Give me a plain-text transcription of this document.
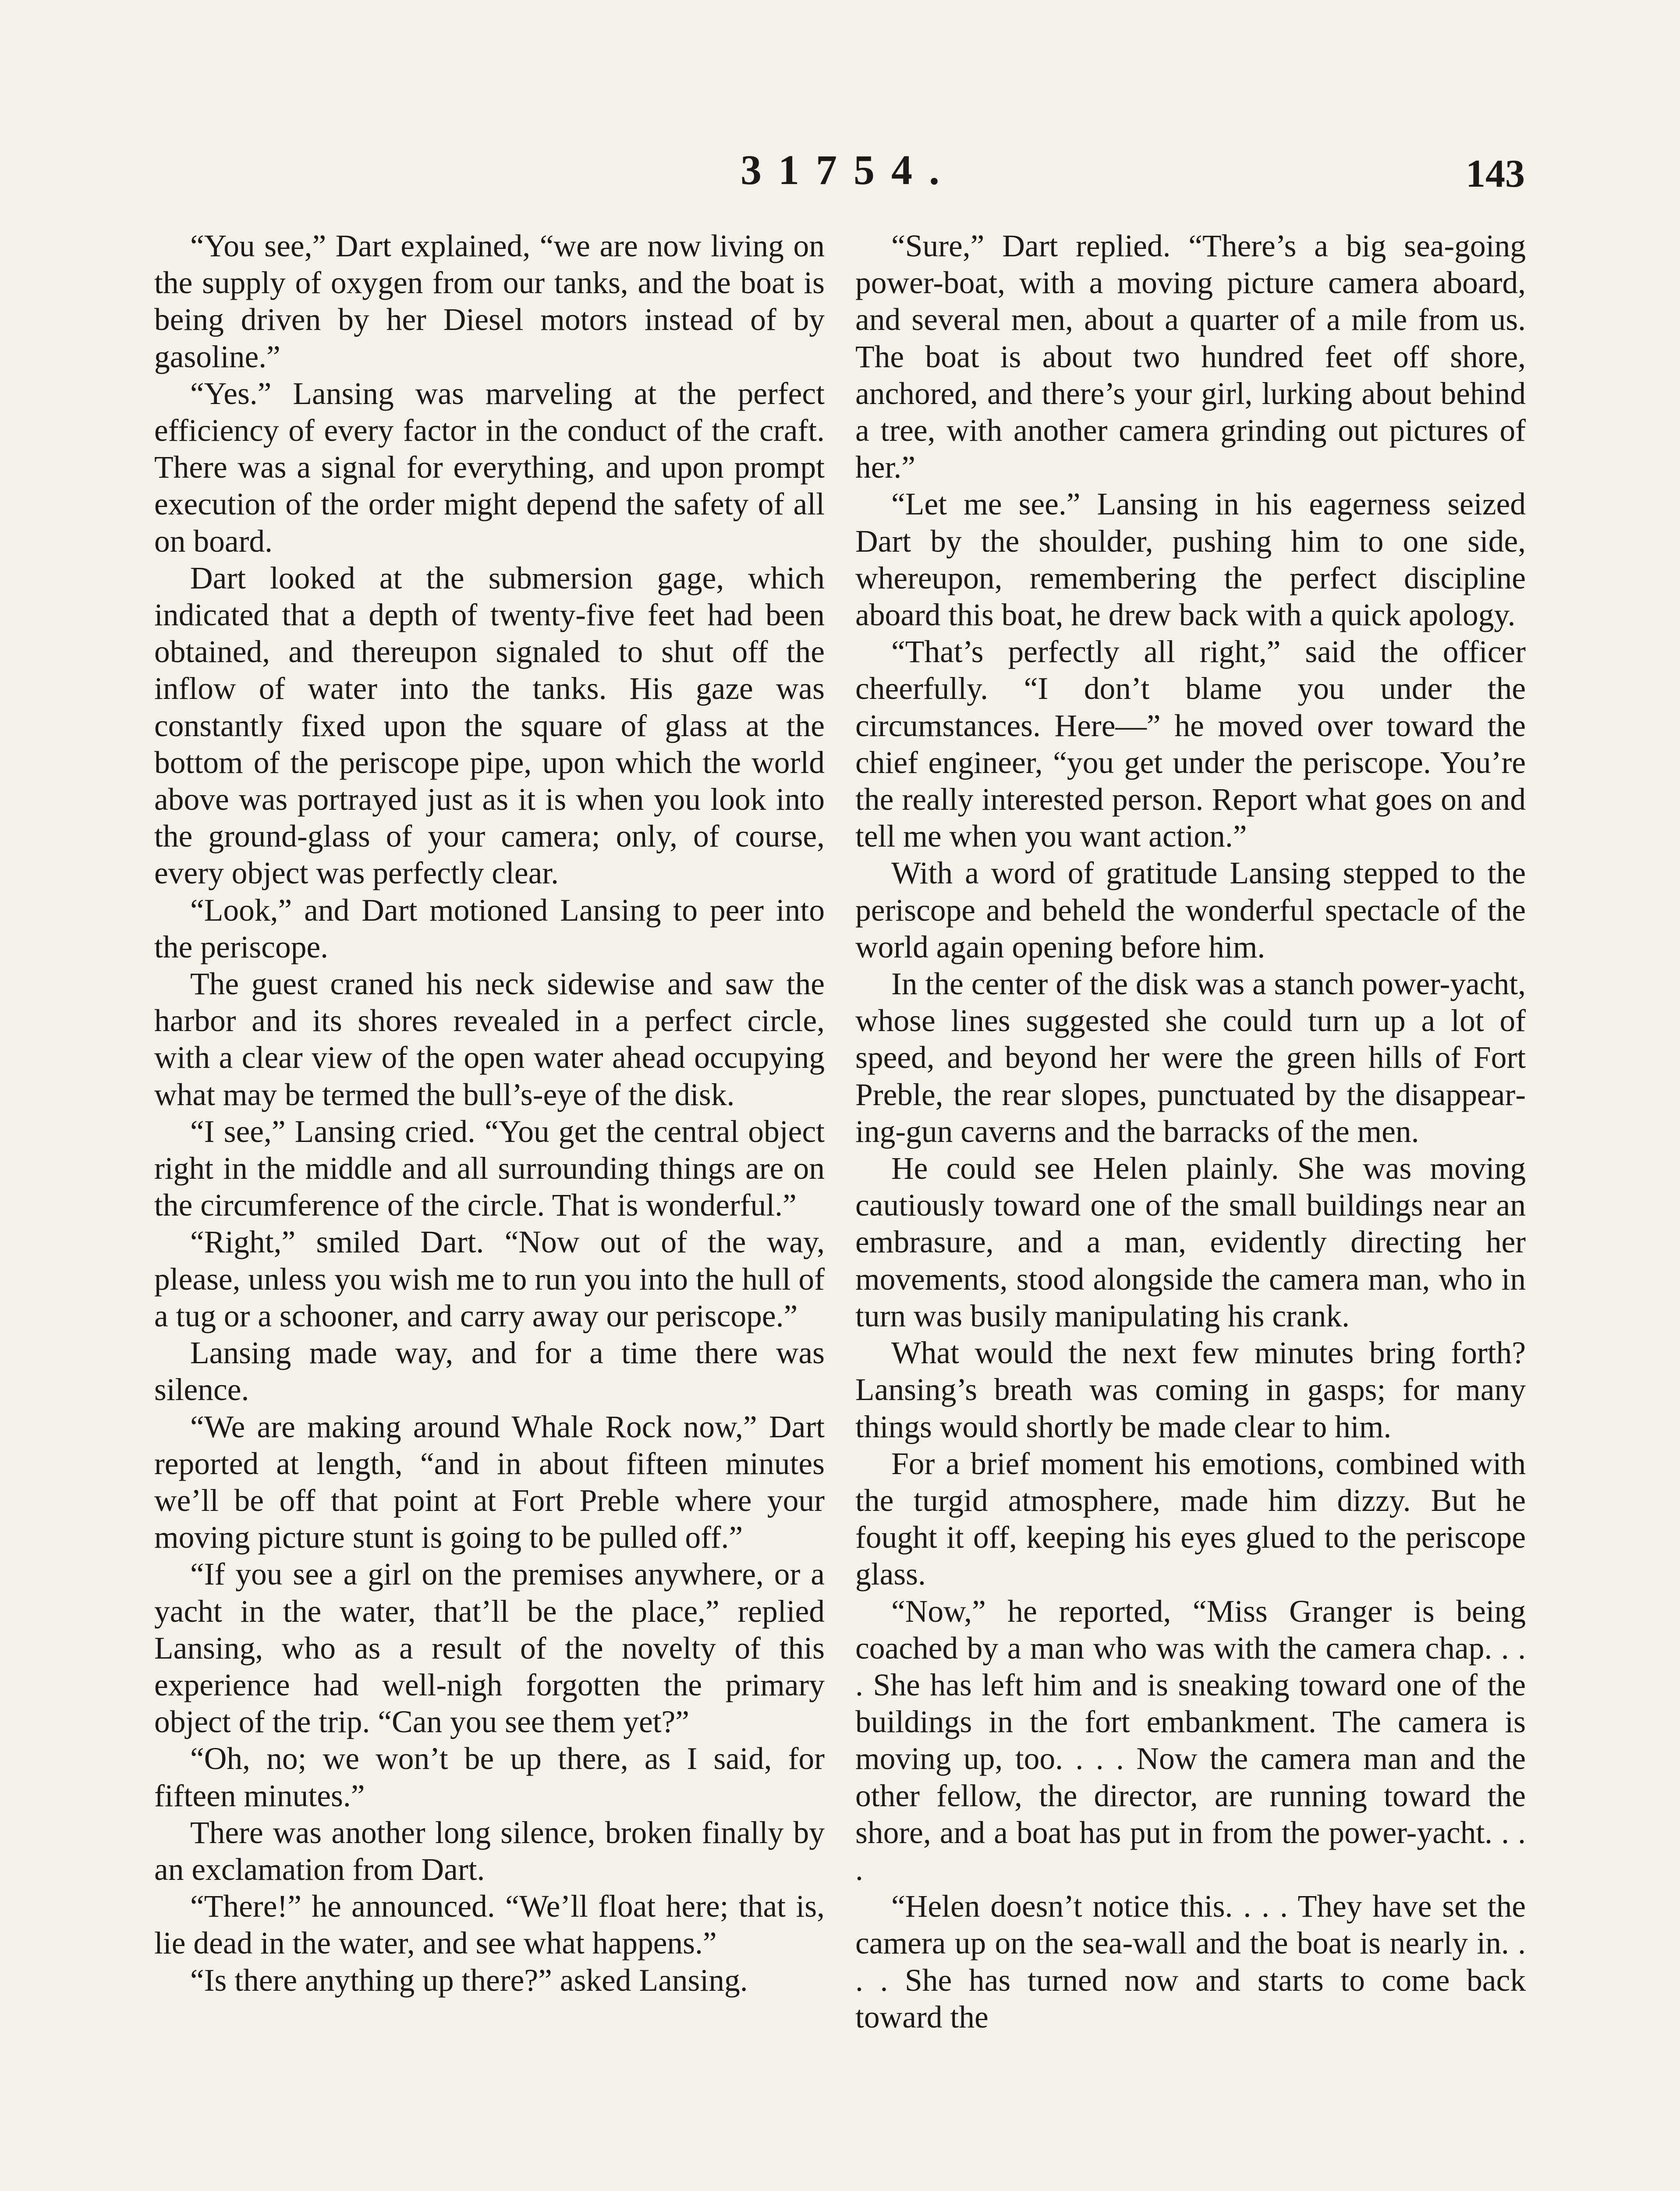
31754.	143

“You see,” Dart explained, “we are now living on the supply of oxygen from our tanks, and the boat is being driven by her Diesel motors instead of by gasoline.”

“Yes.” Lansing was marveling at the perfect efficiency of every factor in the conduct of the craft. There was a signal for everything, and upon prompt execution of the order might depend the safety of all on board.

Dart looked at the submersion gage, which indicated that a depth of twenty-five feet had been obtained, and thereupon signaled to shut off the inflow of water into the tanks. His gaze was constantly fixed upon the square of glass at the bottom of the periscope pipe, upon which the world above was portrayed just as it is when you look into the ground-glass of your camera; only, of course, every object was perfectly clear.

“Look,” and Dart motioned Lansing to peer into the periscope.

The guest craned his neck sidewise and saw the harbor and its shores revealed in a perfect circle, with a clear view of the open water ahead occupying what may be termed the bull’s-eye of the disk.

“I see,” Lansing cried. “You get the central object right in the middle and all surrounding things are on the circumference of the circle. That is wonderful.”

“Right,” smiled Dart. “Now out of the way, please, unless you wish me to run you into the hull of a tug or a schooner, and carry away our periscope.”

Lansing made way, and for a time there was silence.

“We are making around Whale Rock now,” Dart reported at length, “and in about fifteen minutes we’ll be off that point at Fort Preble where your moving picture stunt is going to be pulled off.”

“If you see a girl on the premises anywhere, or a yacht in the water, that’ll be the place,” replied Lansing, who as a result of the novelty of this experience had well-nigh forgotten the primary object of the trip. “Can you see them yet?”

“Oh, no; we won’t be up there, as I said, for fifteen minutes.”

There was another long silence, broken finally by an exclamation from Dart.

“There!” he announced. “We’ll float here; that is, lie dead in the water, and see what happens.”

“Is there anything up there?” asked Lansing.

“Sure,” Dart replied. “There’s a big sea-going power-boat, with a moving picture camera aboard, and several men, about a quarter of a mile from us. The boat is about two hundred feet off shore, anchored, and there’s your girl, lurking about behind a tree, with another camera grinding out pictures of her.”

“Let me see.” Lansing in his eagerness seized Dart by the shoulder, pushing him to one side, whereupon, remembering the perfect discipline aboard this boat, he drew back with a quick apology.

“That’s perfectly all right,” said the officer cheerfully. “I don’t blame you under the circumstances. Here—” he moved over toward the chief engineer, “you get under the periscope. You’re the really interested person. Report what goes on and tell me when you want action.”

With a word of gratitude Lansing stepped to the periscope and beheld the wonderful spectacle of the world again opening before him.

In the center of the disk was a stanch power-yacht, whose lines suggested she could turn up a lot of speed, and beyond her were the green hills of Fort Preble, the rear slopes, punctuated by the disappearing-gun caverns and the barracks of the men.

He could see Helen plainly. She was moving cautiously toward one of the small buildings near an embrasure, and a man, evidently directing her movements, stood alongside the camera man, who in turn was busily manipulating his crank.

What would the next few minutes bring forth? Lansing’s breath was coming in gasps; for many things would shortly be made clear to him.

For a brief moment his emotions, combined with the turgid atmosphere, made him dizzy. But he fought it off, keeping his eyes glued to the periscope glass.

“Now,” he reported, “Miss Granger is being coached by a man who was with the camera chap. . . . She has left him and is sneaking toward one of the buildings in the fort embankment. The camera is moving up, too. . . . Now the camera man and the other fellow, the director, are running toward the shore, and a boat has put in from the power-yacht. . . .

“Helen doesn’t notice this. . . . They have set the camera up on the sea-wall and the boat is nearly in. . . . She has turned now and starts to come back toward the
